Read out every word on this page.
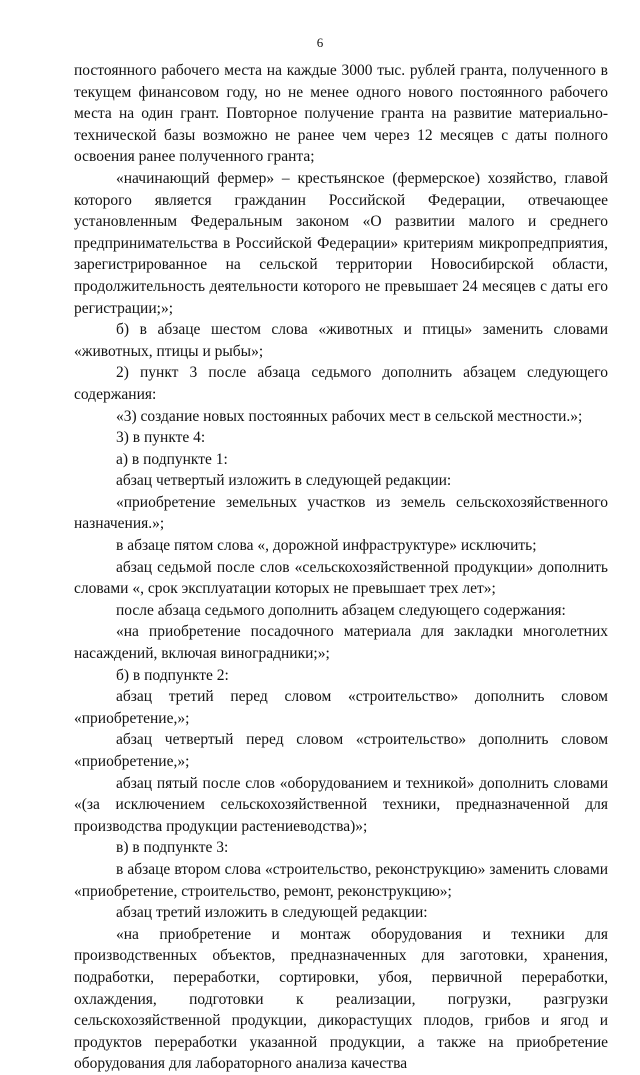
6

постоянного рабочего места на каждые 3000 тыс. рублей гранта, полученного в текущем финансовом году, но не менее одного нового постоянного рабочего места на один грант. Повторное получение гранта на развитие материально-технической базы возможно не ранее чем через 12 месяцев с даты полного освоения ранее полученного гранта;

«начинающий фермер» – крестьянское (фермерское) хозяйство, главой которого является гражданин Российской Федерации, отвечающее установленным Федеральным законом «О развитии малого и среднего предпринимательства в Российской Федерации» критериям микропредприятия, зарегистрированное на сельской территории Новосибирской области, продолжительность деятельности которого не превышает 24 месяцев с даты его регистрации;»;

б) в абзаце шестом слова «животных и птицы» заменить словами «животных, птицы и рыбы»;

2) пункт 3 после абзаца седьмого дополнить абзацем следующего содержания:

«3) создание новых постоянных рабочих мест в сельской местности.»;

3) в пункте 4:

а) в подпункте 1:

абзац четвертый изложить в следующей редакции:

«приобретение земельных участков из земель сельскохозяйственного назначения.»;

в абзаце пятом слова «, дорожной инфраструктуре» исключить;

абзац седьмой после слов «сельскохозяйственной продукции» дополнить словами «, срок эксплуатации которых не превышает трех лет»;

после абзаца седьмого дополнить абзацем следующего содержания:

«на приобретение посадочного материала для закладки многолетних насаждений, включая виноградники;»;

б) в подпункте 2:

абзац третий перед словом «строительство» дополнить словом «приобретение,»;

абзац четвертый перед словом «строительство» дополнить словом «приобретение,»;

абзац пятый после слов «оборудованием и техникой» дополнить словами «(за исключением сельскохозяйственной техники, предназначенной для производства продукции растениеводства)»;

в) в подпункте 3:

в абзаце втором слова «строительство, реконструкцию» заменить словами «приобретение, строительство, ремонт, реконструкцию»;

абзац третий изложить в следующей редакции:

«на приобретение и монтаж оборудования и техники для производственных объектов, предназначенных для заготовки, хранения, подработки, переработки, сортировки, убоя, первичной переработки, охлаждения, подготовки к реализации, погрузки, разгрузки сельскохозяйственной продукции, дикорастущих плодов, грибов и ягод и продуктов переработки указанной продукции, а также на приобретение оборудования для лабораторного анализа качества
